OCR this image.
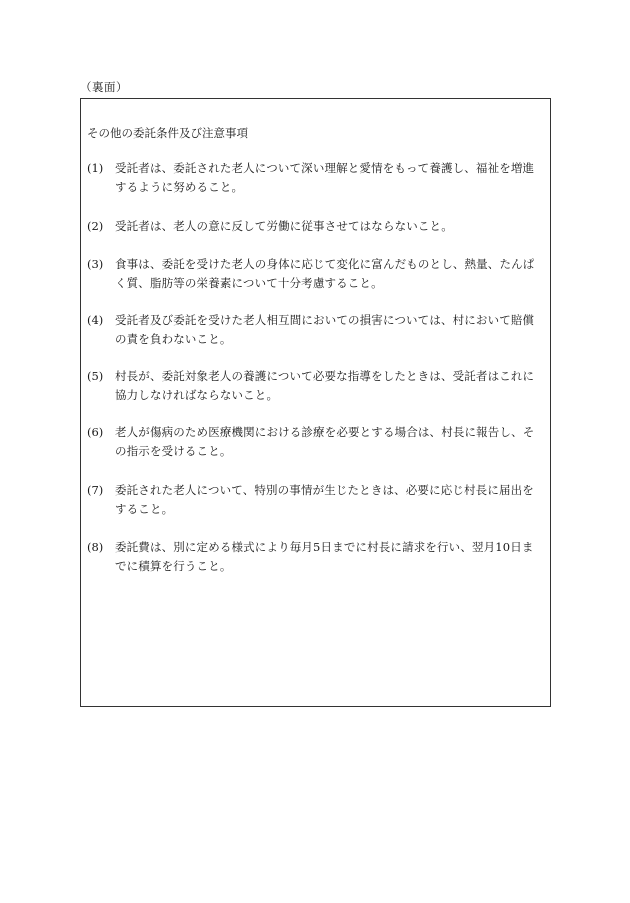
（裏面）
その他の委託条件及び注意事項
(1) 受託者は、委託された老人について深い理解と愛情をもって養護し、福祉を増進するように努めること。
(2) 受託者は、老人の意に反して労働に従事させてはならないこと。
(3) 食事は、委託を受けた老人の身体に応じて変化に富んだものとし、熱量、たんぱく質、脂肪等の栄養素について十分考慮すること。
(4) 受託者及び委託を受けた老人相互間においての損害については、村において賠償の責を負わないこと。
(5) 村長が、委託対象老人の養護について必要な指導をしたときは、受託者はこれに協力しなければならないこと。
(6) 老人が傷病のため医療機関における診療を必要とする場合は、村長に報告し、その指示を受けること。
(7) 委託された老人について、特別の事情が生じたときは、必要に応じ村長に届出をすること。
(8) 委託費は、別に定める様式により毎月5日までに村長に請求を行い、翌月10日までに積算を行うこと。
